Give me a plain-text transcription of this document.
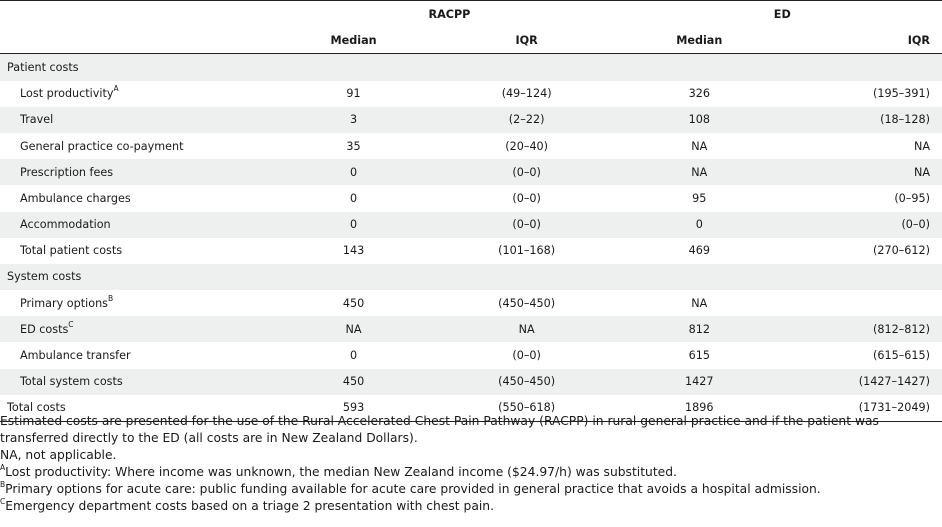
	RACPP		ED	
	Median	IQR	Median	IQR
Patient costs				
Lost productivity$^A$	91	(49–124)	326	(195–391)
Travel	3	(2–22)	108	(18–128)
General practice co-payment	35	(20–40)	NA	NA
Prescription fees	0	(0–0)	NA	NA
Ambulance charges	0	(0–0)	95	(0–95)
Accommodation	0	(0–0)	0	(0–0)
Total patient costs	143	(101–168)	469	(270–612)
System costs				
Primary options$^B$	450	(450–450)	NA	
ED costs$^C$	NA	NA	812	(812–812)
Ambulance transfer	0	(0–0)	615	(615–615)
Total system costs	450	(450–450)	1427	(1427–1427)
Total costs	593	(550–618)	1896	(1731–2049)

Estimated costs are presented for the use of the Rural Accelerated Chest Pain Pathway (RACPP) in rural general practice and if the patient was transferred directly to the ED (all costs are in New Zealand Dollars).

NA, not applicable.

$^A$Lost productivity: Where income was unknown, the median New Zealand income ($24.97/h) was substituted.

$^B$Primary options for acute care: public funding available for acute care provided in general practice that avoids a hospital admission.

$^C$Emergency department costs based on a triage 2 presentation with chest pain.
